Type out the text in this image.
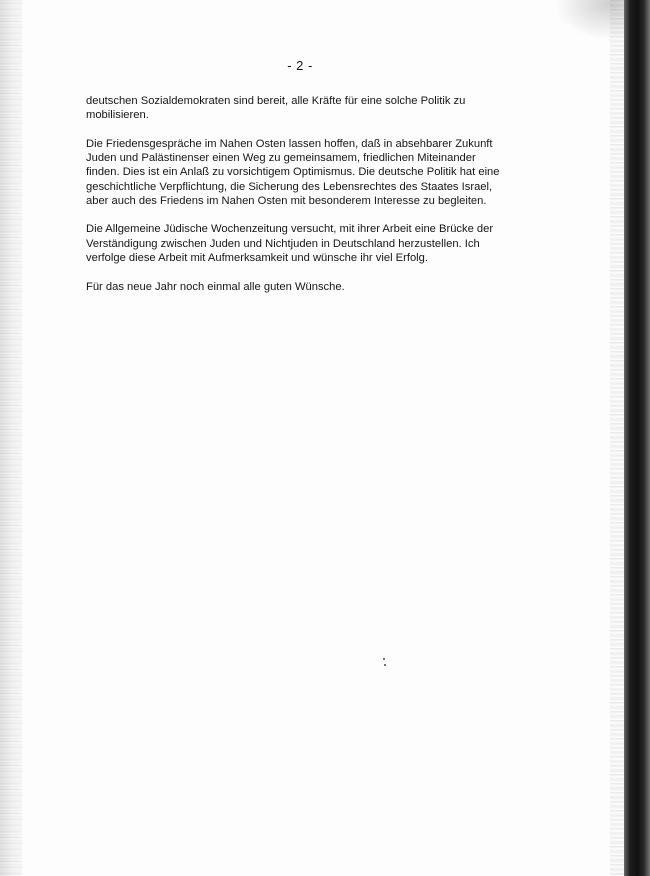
- 2 -

deutschen Sozialdemokraten sind bereit, alle Kräfte für eine solche Politik zu
mobilisieren.

Die Friedensgespräche im Nahen Osten lassen hoffen, daß in absehbarer Zukunft
Juden und Palästinenser einen Weg zu gemeinsamem, friedlichen Miteinander
finden. Dies ist ein Anlaß zu vorsichtigem Optimismus. Die deutsche Politik hat eine
geschichtliche Verpflichtung, die Sicherung des Lebensrechtes des Staates Israel,
aber auch des Friedens im Nahen Osten mit besonderem Interesse zu begleiten.

Die Allgemeine Jüdische Wochenzeitung versucht, mit ihrer Arbeit eine Brücke der
Verständigung zwischen Juden und Nichtjuden in Deutschland herzustellen. Ich
verfolge diese Arbeit mit Aufmerksamkeit und wünsche ihr viel Erfolg.

Für das neue Jahr noch einmal alle guten Wünsche.
